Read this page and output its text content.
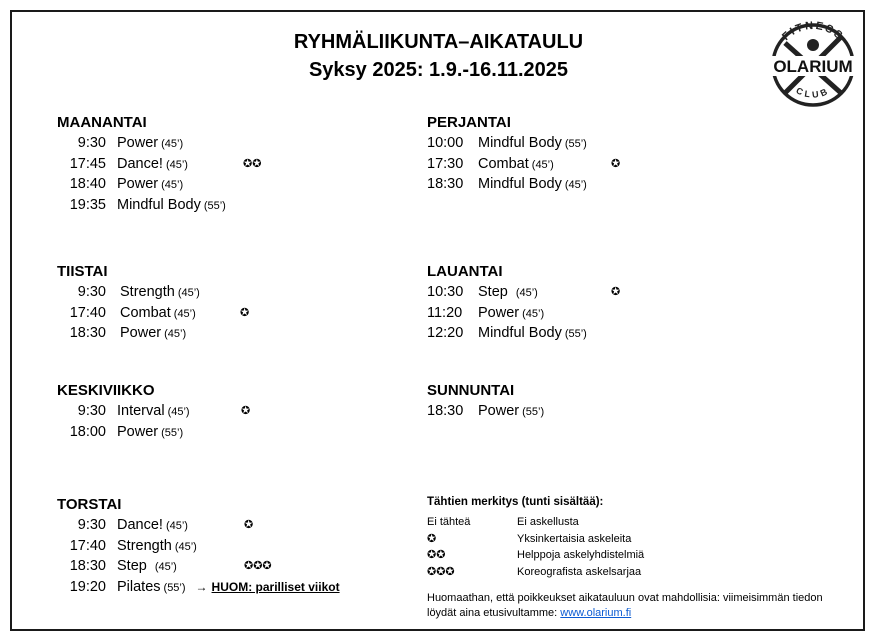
RYHMÄLIIKUNTA–AIKATAULU
Syksy 2025: 1.9.-16.11.2025
FITNESS
OLARIUM
CLUB
MAANANTAI
9:30 Power (45’)
17:45 Dance! (45’)	✪✪
18:40 Power (45’)
19:35 Mindful Body (55’)
TIISTAI
9:30 Strength (45’)
17:40 Combat (45’)	✪
18:30 Power (45’)
KESKIVIIKKO
9:30 Interval (45’)	✪
18:00 Power (55’)
TORSTAI
9:30 Dance! (45’)	✪
17:40 Strength (45’)
18:30 Step (45’)	✪✪✪
19:20 Pilates (55’) → HUOM: parilliset viikot
PERJANTAI
10:00 Mindful Body (55’)
17:30 Combat (45’)	✪
18:30 Mindful Body (45’)
LAUANTAI
10:30 Step (45’)	✪
11:20 Power (45’)
12:20 Mindful Body (55’)
SUNNUNTAI
18:30 Power (55’)
Tähtien merkitys (tunti sisältää):
Ei tähteä	Ei askellusta
✪	Yksinkertaisia askeleita
✪✪	Helppoja askelyhdistelmiä
✪✪✪	Koreografista askelsarjaa
Huomaathan, että poikkeukset aikatauluun ovat mahdollisia: viimeisimmän tiedon löydät aina etusivultamme: www.olarium.fi
